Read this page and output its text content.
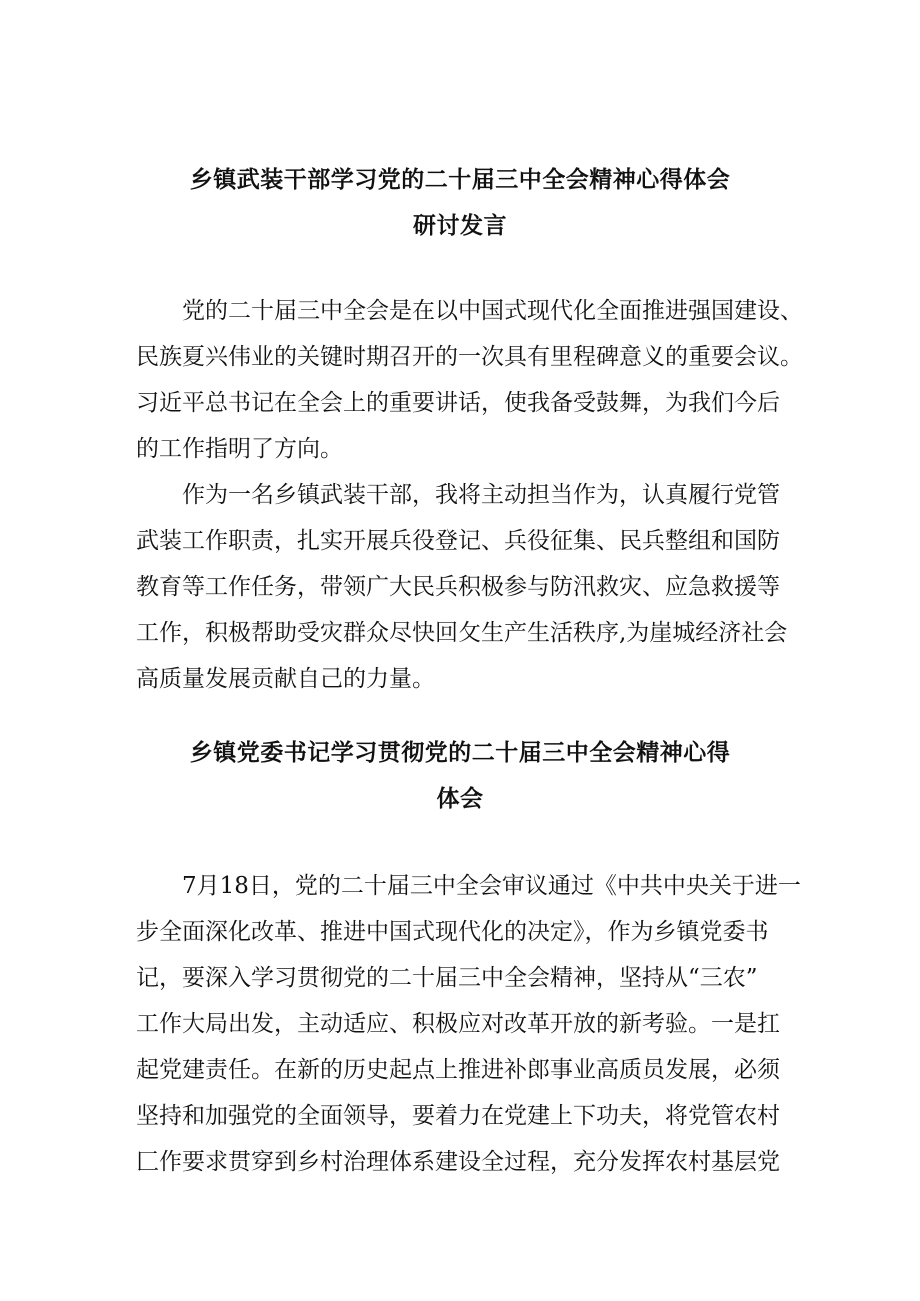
乡镇武装干部学习党的二十届三中全会精神心得体会
研讨发言
党的二十届三中全会是在以中国式现代化全面推进强国建设、
民族夏兴伟业的关键时期召开的一次具有里程碑意义的重要会议。
习近平总书记在全会上的重要讲话，使我备受鼓舞，为我们今后
的工作指明了方向。
作为一名乡镇武装干部，我将主动担当作为，认真履行党管
武装工作职责，扎实开展兵役登记、兵役征集、民兵整组和国防
教育等工作任务，带领广大民兵积极参与防汛救灾、应急救援等
工作，积极帮助受灾群众尽快回攵生产生活秩序,为崖城经济社会
高质量发展贡献自己的力量。
乡镇党委书记学习贯彻党的二十届三中全会精神心得
体会
7月18日，党的二十届三中全会审议通过《中共中央关于进一
步全面深化改革、推进中国式现代化的决定》，作为乡镇党委书
记，要深入学习贯彻党的二十届三中全会精神，坚持从“三农”
工作大局出发，主动适应、积极应对改革开放的新考验。一是扛
起党建责任。在新的历史起点上推进补郎事业高质员发展，必须
坚持和加强党的全面领导，要着力在党建上下功夫，将党管农村
匚作要求贯穿到乡村治理体系建设全过程，充分发挥农村基层党
